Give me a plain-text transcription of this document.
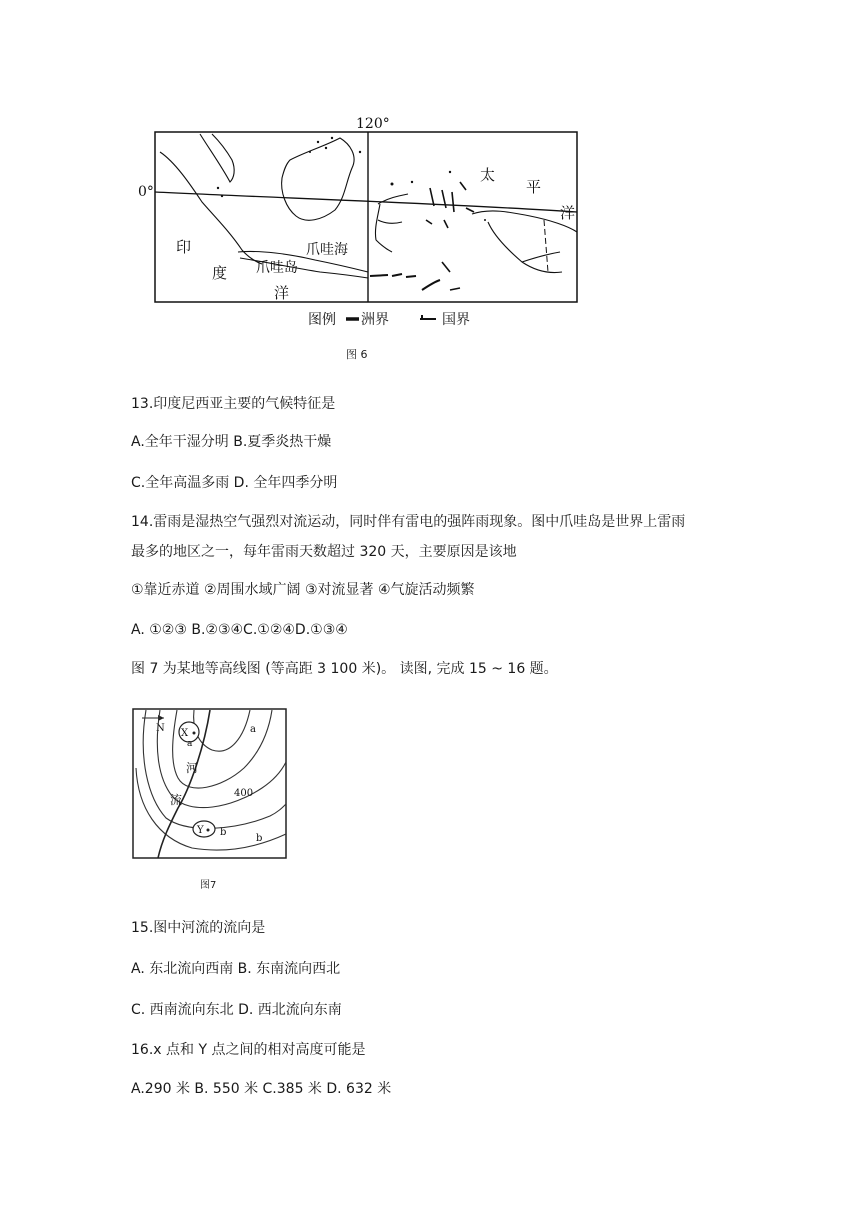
120°
0°
太
平
洋
印
度
洋
爪哇海
爪哇岛
图例 洲界	国界
图 6
13.印度尼西亚主要的气候特征是
A.全年干湿分明 B.夏季炎热干燥
C.全年高温多雨 D. 全年四季分明
14.雷雨是湿热空气强烈对流运动，同时伴有雷电的强阵雨现象。图中爪哇岛是世界上雷雨
最多的地区之一，每年雷雨天数超过 320 天，主要原因是该地
①靠近赤道 ②周围水域广阔 ③对流显著 ④气旋活动频繁
A. ①②③ B.②③④C.①②④D.①③④
图 7 为某地等高线图 (等高距 3 100 米)。 读图, 完成 15 ~ 16 题。
N X
a
a
Y b
b
400
河
流
图7
15.图中河流的流向是
A. 东北流向西南 B. 东南流向西北
C. 西南流向东北 D. 西北流向东南
16.x 点和 Y 点之间的相对高度可能是
A.290 米 B. 550 米 C.385 米 D. 632 米
